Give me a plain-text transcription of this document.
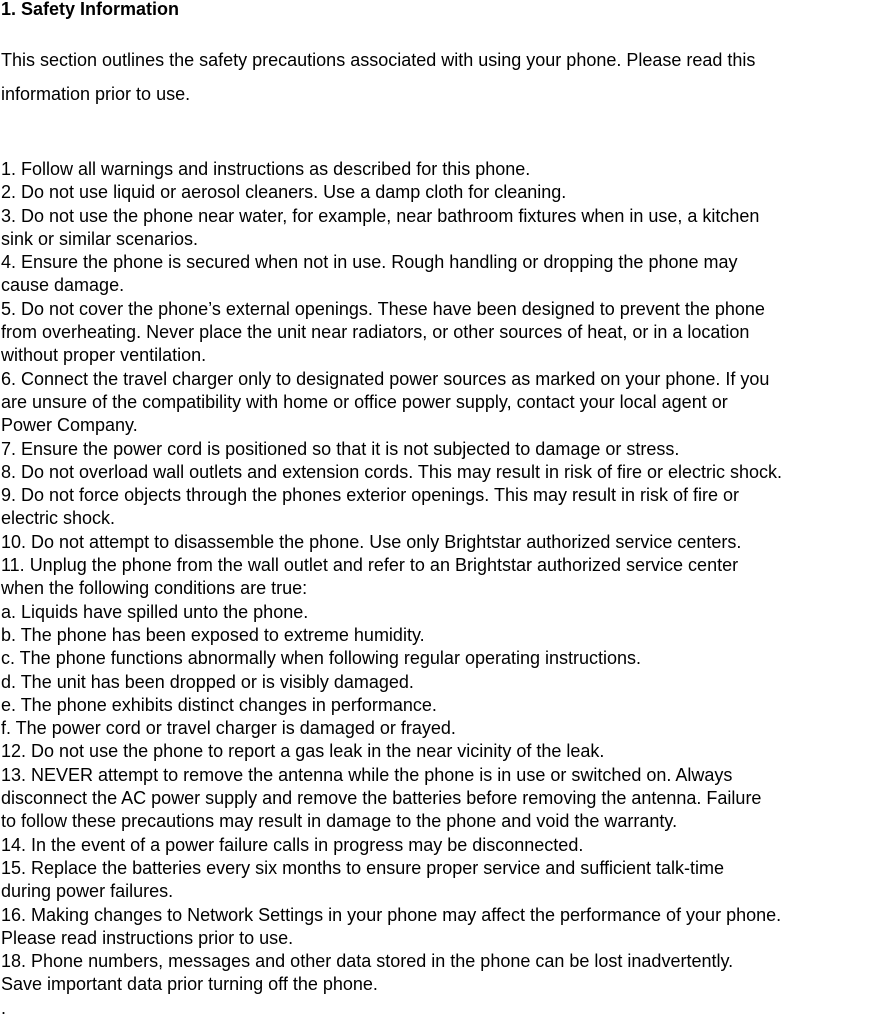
1. Safety Information
This section outlines the safety precautions associated with using your phone. Please read this
information prior to use.
1. Follow all warnings and instructions as described for this phone.
2. Do not use liquid or aerosol cleaners. Use a damp cloth for cleaning.
3. Do not use the phone near water, for example, near bathroom fixtures when in use, a kitchen
sink or similar scenarios.
4. Ensure the phone is secured when not in use. Rough handling or dropping the phone may
cause damage.
5. Do not cover the phone’s external openings. These have been designed to prevent the phone
from overheating. Never place the unit near radiators, or other sources of heat, or in a location
without proper ventilation.
6. Connect the travel charger only to designated power sources as marked on your phone. If you
are unsure of the compatibility with home or office power supply, contact your local agent or
Power Company.
7. Ensure the power cord is positioned so that it is not subjected to damage or stress.
8. Do not overload wall outlets and extension cords. This may result in risk of fire or electric shock.
9. Do not force objects through the phones exterior openings. This may result in risk of fire or
electric shock.
10. Do not attempt to disassemble the phone. Use only Brightstar authorized service centers.
11. Unplug the phone from the wall outlet and refer to an Brightstar authorized service center
when the following conditions are true:
a. Liquids have spilled unto the phone.
b. The phone has been exposed to extreme humidity.
c. The phone functions abnormally when following regular operating instructions.
d. The unit has been dropped or is visibly damaged.
e. The phone exhibits distinct changes in performance.
f. The power cord or travel charger is damaged or frayed.
12. Do not use the phone to report a gas leak in the near vicinity of the leak.
13. NEVER attempt to remove the antenna while the phone is in use or switched on. Always
disconnect the AC power supply and remove the batteries before removing the antenna. Failure
to follow these precautions may result in damage to the phone and void the warranty.
14. In the event of a power failure calls in progress may be disconnected.
15. Replace the batteries every six months to ensure proper service and sufficient talk-time
during power failures.
16. Making changes to Network Settings in your phone may affect the performance of your phone.
Please read instructions prior to use.
18. Phone numbers, messages and other data stored in the phone can be lost inadvertently.
Save important data prior turning off the phone.
.
